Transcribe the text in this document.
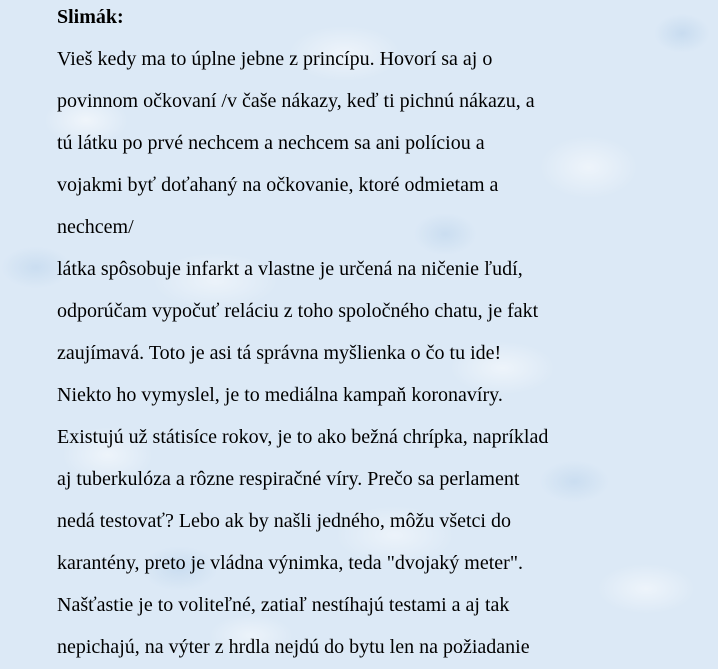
Slimák:

Vieš kedy ma to úplne jebne z princípu. Hovorí sa aj o
povinnom očkovaní /v čaše nákazy, keď ti pichnú nákazu, a
tú látku po prvé nechcem a nechcem sa ani políciou a
vojakmi byť doťahaný na očkovanie, ktoré odmietam a
nechcem/
látka spôsobuje infarkt a vlastne je určená na ničenie ľudí,
odporúčam vypočuť reláciu z toho spoločného chatu, je fakt
zaujímavá. Toto je asi tá správna myšlienka o čo tu ide!
Niekto ho vymyslel, je to mediálna kampaň koronavíry.
Existujú už státisíce rokov, je to ako bežná chrípka, napríklad
aj tuberkulóza a rôzne respiračné víry. Prečo sa perlament
nedá testovať? Lebo ak by našli jedného, môžu všetci do
karantény, preto je vládna výnimka, teda "dvojaký meter".
Našťastie je to voliteľné, zatiaľ nestíhajú testami a aj tak
nepichajú, na výter z hrdla nejdú do bytu len na požiadanie
